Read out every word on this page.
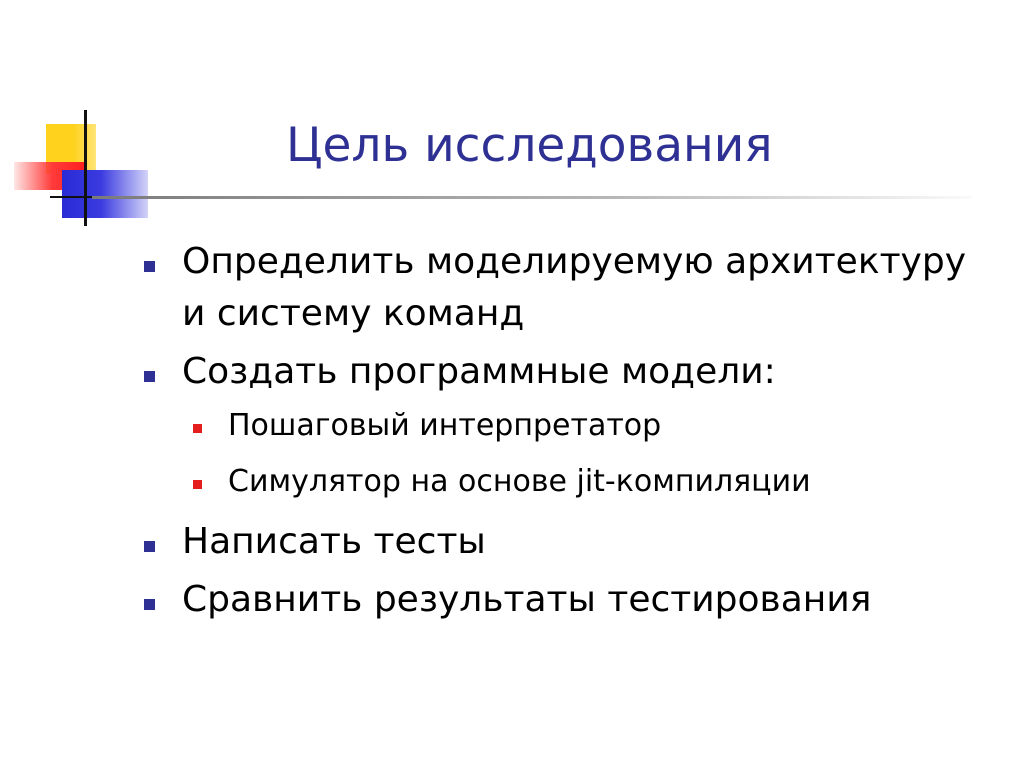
Цель исследования
Определить моделируемую архитектуру и систему команд
Создать программные модели:
Пошаговый интерпретатор
Симулятор на основе jit-компиляции
Написать тесты
Сравнить результаты тестирования
